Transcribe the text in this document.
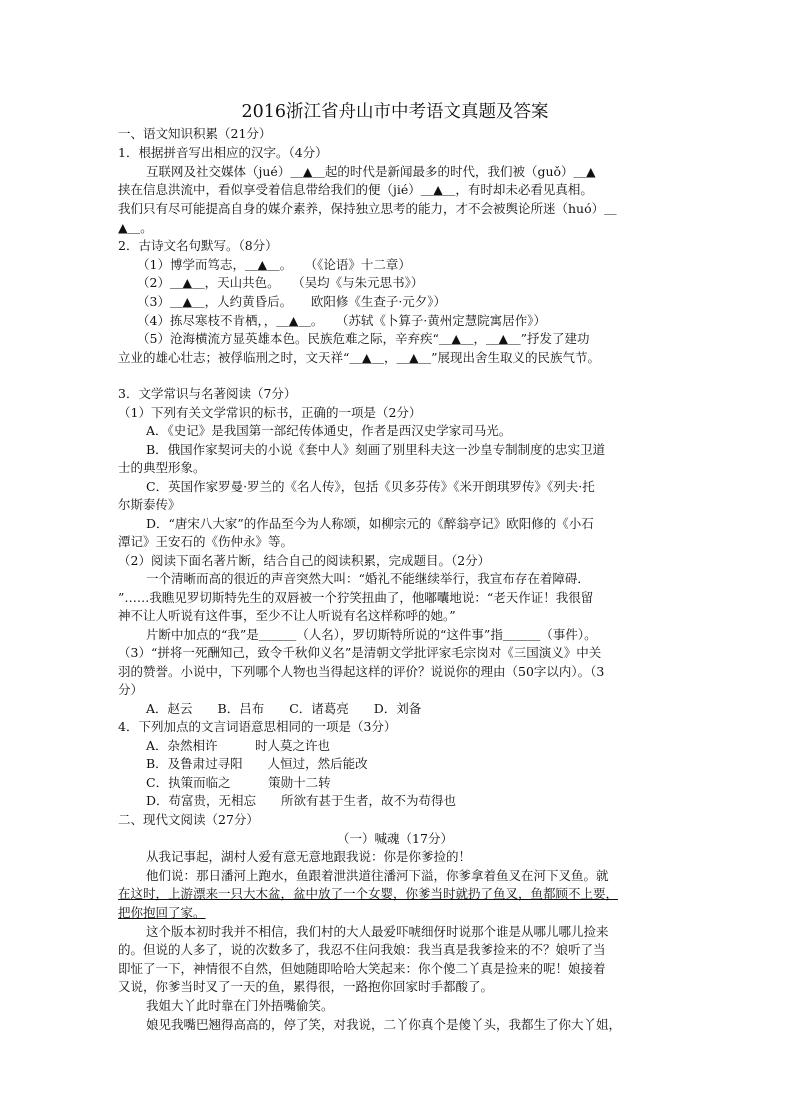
2016浙江省舟山市中考语文真题及答案
一、语文知识积累（21分）
1．根据拼音写出相应的汉字。（4分）
互联网及社交媒体（jué）＿▲＿起的时代是新闻最多的时代，我们被（guǒ）＿▲
挟在信息洪流中，看似享受着信息带给我们的便（jié）＿▲＿，有时却未必看见真相。
我们只有尽可能提高自身的媒介素养，保持独立思考的能力，才不会被舆论所迷（huó）＿
▲＿。
2．古诗文名句默写。（8分）
（1）博学而笃志，＿▲＿。　　（《论语》十二章）
（2）＿▲＿，天山共色。　　（吴均《与朱元思书》）
（3）＿▲＿，人约黄昏后。　　欧阳修《生查子·元夕》）
（4）拣尽寒枝不肯栖，，＿▲＿。　　（苏轼《卜算子·黄州定慧院寓居作》）
（5）沧海横流方显英雄本色。民族危难之际，辛弃疾“＿▲＿，＿▲＿”抒发了建功
立业的雄心壮志；被俘临刑之时，文天祥“＿▲＿，＿▲＿”展现出舍生取义的民族气节。
3．文学常识与名著阅读（7分）
（1）下列有关文学常识的标书，正确的一项是（2分）
A．《史记》是我国第一部纪传体通史，作者是西汉史学家司马光。
B．俄国作家契诃夫的小说《套中人》刻画了别里科夫这一沙皇专制制度的忠实卫道
士的典型形象。
C．英国作家罗曼·罗兰的《名人传》，包括《贝多芬传》《米开朗琪罗传》《列夫·托
尔斯泰传》
D．“唐宋八大家”的作品至今为人称颂，如柳宗元的《醉翁亭记》欧阳修的《小石
潭记》王安石的《伤仲永》等。
（2）阅读下面名著片断，结合自己的阅读积累，完成题目。（2分）
一个清晰而高的很近的声音突然大叫：“婚礼不能继续举行，我宣布存在着障碍．
”……我瞧见罗切斯特先生的双唇被一个狞笑扭曲了，他嘟囔地说：“老天作证！我很留
神不让人听说有这件事，至少不让人听说有名这样称呼的她。”
片断中加点的“我”是＿＿＿（人名），罗切斯特所说的“这件事”指＿＿＿（事件）。
（3）“拼将一死酬知己，致令千秋仰义名”是清朝文学批评家毛宗岗对《三国演义》中关
羽的赞誉。小说中，下列哪个人物也当得起这样的评价？说说你的理由（50字以内）。（3
分）
A．赵云　　B．吕布　　C．诸葛亮　　D．刘备
4．下列加点的文言词语意思相同的一项是（3分）
A．杂然相许　　　时人莫之许也
B．及鲁肃过寻阳　　人恒过，然后能改
C．执策而临之　　　策勋十二转
D．苟富贵，无相忘　　所欲有甚于生者，故不为苟得也
二、现代文阅读（27分）
（一）喊魂（17分）
从我记事起，湖村人爱有意无意地跟我说：你是你爹捡的！
他们说：那日潘河上跑水，鱼跟着泄洪道往潘河下溢，你爹拿着鱼叉在河下叉鱼。就
在这时，上游漂来一只大木盆，盆中放了一个女婴，你爹当时就扔了鱼叉，鱼都顾不上要，
把你抱回了家。
这个版本初时我并不相信，我们村的大人最爱吓唬细伢时说那个谁是从哪儿哪儿捡来
的。但说的人多了，说的次数多了，我忍不住问我娘：我当真是我爹捡来的不？娘听了当
即怔了一下，神情很不自然，但她随即哈哈大笑起来：你个傻二丫真是捡来的呢！娘接着
又说，你爹当时叉了一天的鱼，累得很，一路抱你回家时手都酸了。
我姐大丫此时靠在门外捂嘴偷笑。
娘见我嘴巴翘得高高的，停了笑，对我说，二丫你真个是傻丫头，我都生了你大丫姐，
